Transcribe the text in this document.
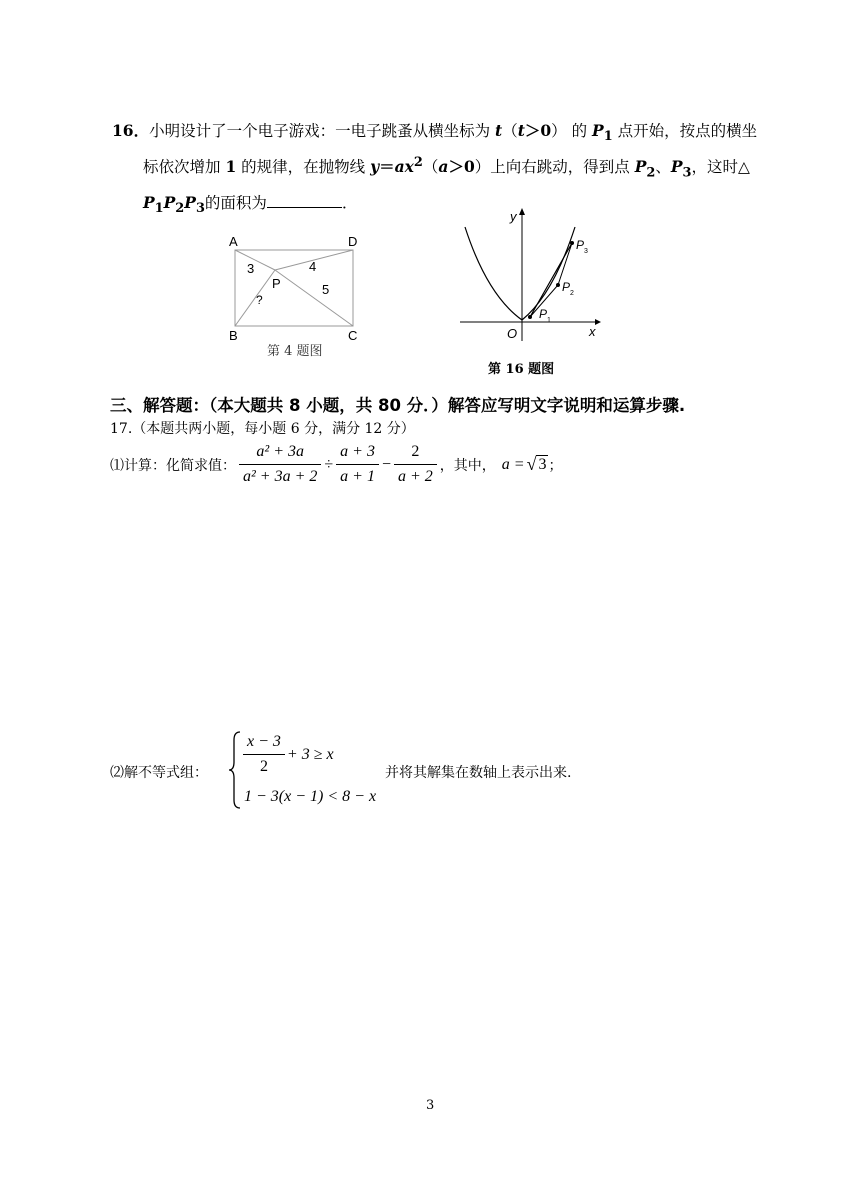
16．小明设计了一个电子游戏：一电子跳蚤从横坐标为 t（t＞0） 的 $P_1$ 点开始，按点的横坐
标依次增加 1 的规律，在抛物线 $y=ax^2(a>0)$上向右跳动，得到点 $P_2$、$P_3$，这时△
$P_1P_2P_3$的面积为	．
A	D
B	C
P
3	4
5
?
第 4 题图
y
x
O
P 1
P 2
P 3
第 16 题图
三、解答题：（本大题共 8 小题，共 80 分．）解答应写明文字说明和运算步骤.
17.（本题共两小题，每小题 6 分，满分 12 分）
⑴计算：化简求值： $\frac{\text{a² + 3a}}{\text{a² + 3a + 2}} \div \frac{a + 3}{a + 1} - \frac{2}{a + 2}$ ，其中， a = √ 3 ；
⑵解不等式组： $\frac{x - 3}{2} + 3 \ge x$
1 − 3(x − 1) < 8 − x
并将其解集在数轴上表示出来.
3
